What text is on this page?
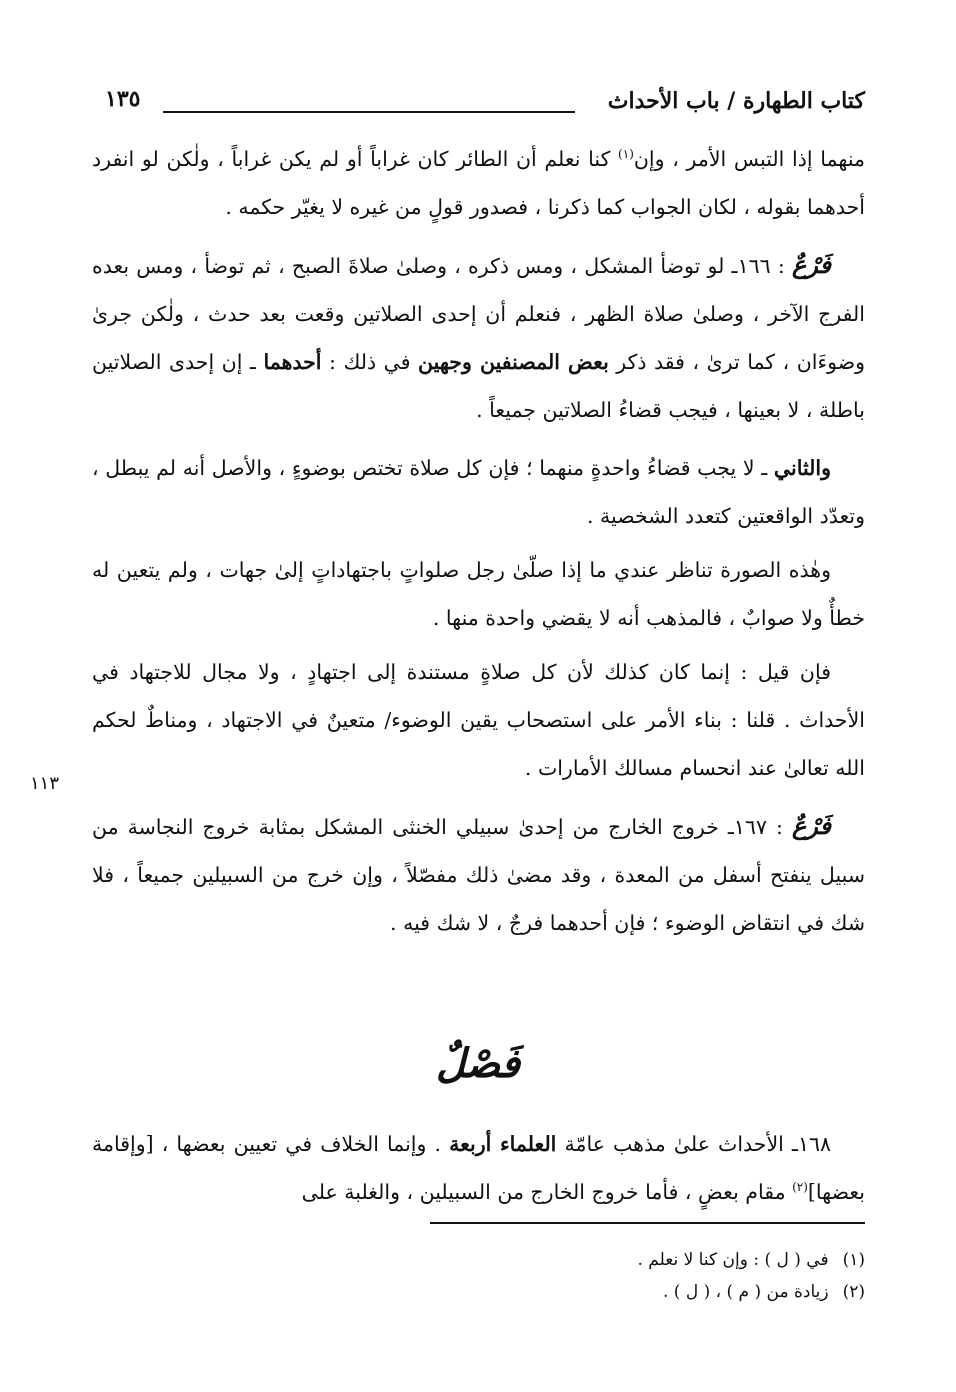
كتاب الطهارة / باب الأحداث
١٣٥

منهما إذا التبس الأمر ، وإن$^{(١)}$ كنا نعلم أن الطائر كان غراباً أو لم يكن غراباً ، ولٰكن لو انفرد أحدهما بقوله ، لكان الجواب كما ذكرنا ، فصدور قولٍ من غيره لا يغيّر حكمه .

فَرْعٌ : ١٦٦ـ لو توضأ المشكل ، ومس ذكره ، وصلىٰ صلاةَ الصبح ، ثم توضأ ، ومس بعده الفرج الآخر ، وصلىٰ صلاة الظهر ، فنعلم أن إحدى الصلاتين وقعت بعد حدث ، ولٰكن جرىٰ وضوءَان ، كما ترىٰ ، فقد ذكر بعض المصنفين وجهين في ذلك : أحدهما ـ إن إحدى الصلاتين باطلة ، لا بعينها ، فيجب قضاءُ الصلاتين جميعاً .

والثاني ـ لا يجب قضاءُ واحدةٍ منهما ؛ فإن كل صلاة تختص بوضوءٍ ، والأصل أنه لم يبطل ، وتعدّد الواقعتين كتعدد الشخصية .

وهٰذه الصورة تناظر عندي ما إذا صلّىٰ رجل صلواتٍ باجتهاداتٍ إلىٰ جهات ، ولم يتعين له خطأٌ ولا صوابٌ ، فالمذهب أنه لا يقضي واحدة منها .

فإن قيل : إنما كان كذلك لأن كل صلاةٍ مستندة إلى اجتهادٍ ، ولا مجال للاجتهاد في الأحداث . قلنا : بناء الأمر على استصحاب يقين الوضوء/ متعينٌ في الاجتهاد ، ومناطٌ لحكم الله تعالىٰ عند انحسام مسالك الأمارات .

فَرْعٌ : ١٦٧ـ خروج الخارج من إحدىٰ سبيلي الخنثى المشكل بمثابة خروج النجاسة من سبيل ينفتح أسفل من المعدة ، وقد مضىٰ ذلك مفصّلاً ، وإن خرج من السبيلين جميعاً ، فلا شك في انتقاض الوضوء ؛ فإن أحدهما فرجٌ ، لا شك فيه .

١١٣
فَصْلٌ

١٦٨ـ الأحداث علىٰ مذهب عامّة العلماء أربعة . وإنما الخلاف في تعيين بعضها ، [وإقامة بعضها]$^{(٢)}$ مقام بعضٍ ، فأما خروج الخارج من السبيلين ، والغلبة على

(١)في ( ل ) : وإن كنا لا نعلم .
(٢)زيادة من ( م ) ، ( ل ) .
